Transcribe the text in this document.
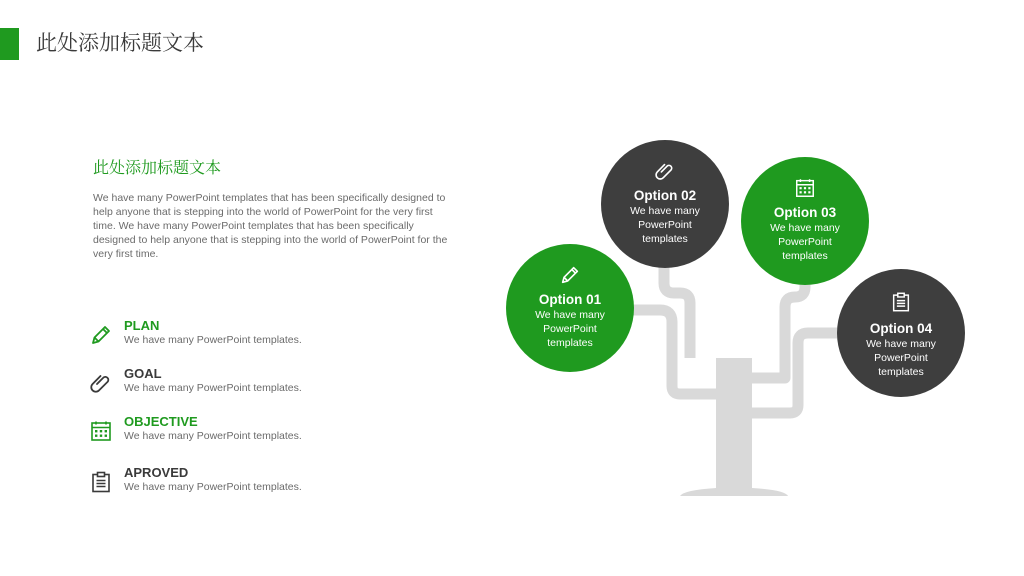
此处添加标题文本
此处添加标题文本
We have many PowerPoint templates that has been specifically designed to help anyone that is stepping into the world of PowerPoint for the very first time. We have many PowerPoint templates that has been specifically designed to help anyone that is stepping into the world of PowerPoint for the very first time.
PLAN
We have many PowerPoint templates.
GOAL
We have many PowerPoint templates.
OBJECTIVE
We have many PowerPoint templates.
APROVED
We have many PowerPoint templates.
Option 01
We have many PowerPoint templates
Option 02
We have many PowerPoint templates
Option 03
We have many PowerPoint templates
Option 04
We have many PowerPoint templates
